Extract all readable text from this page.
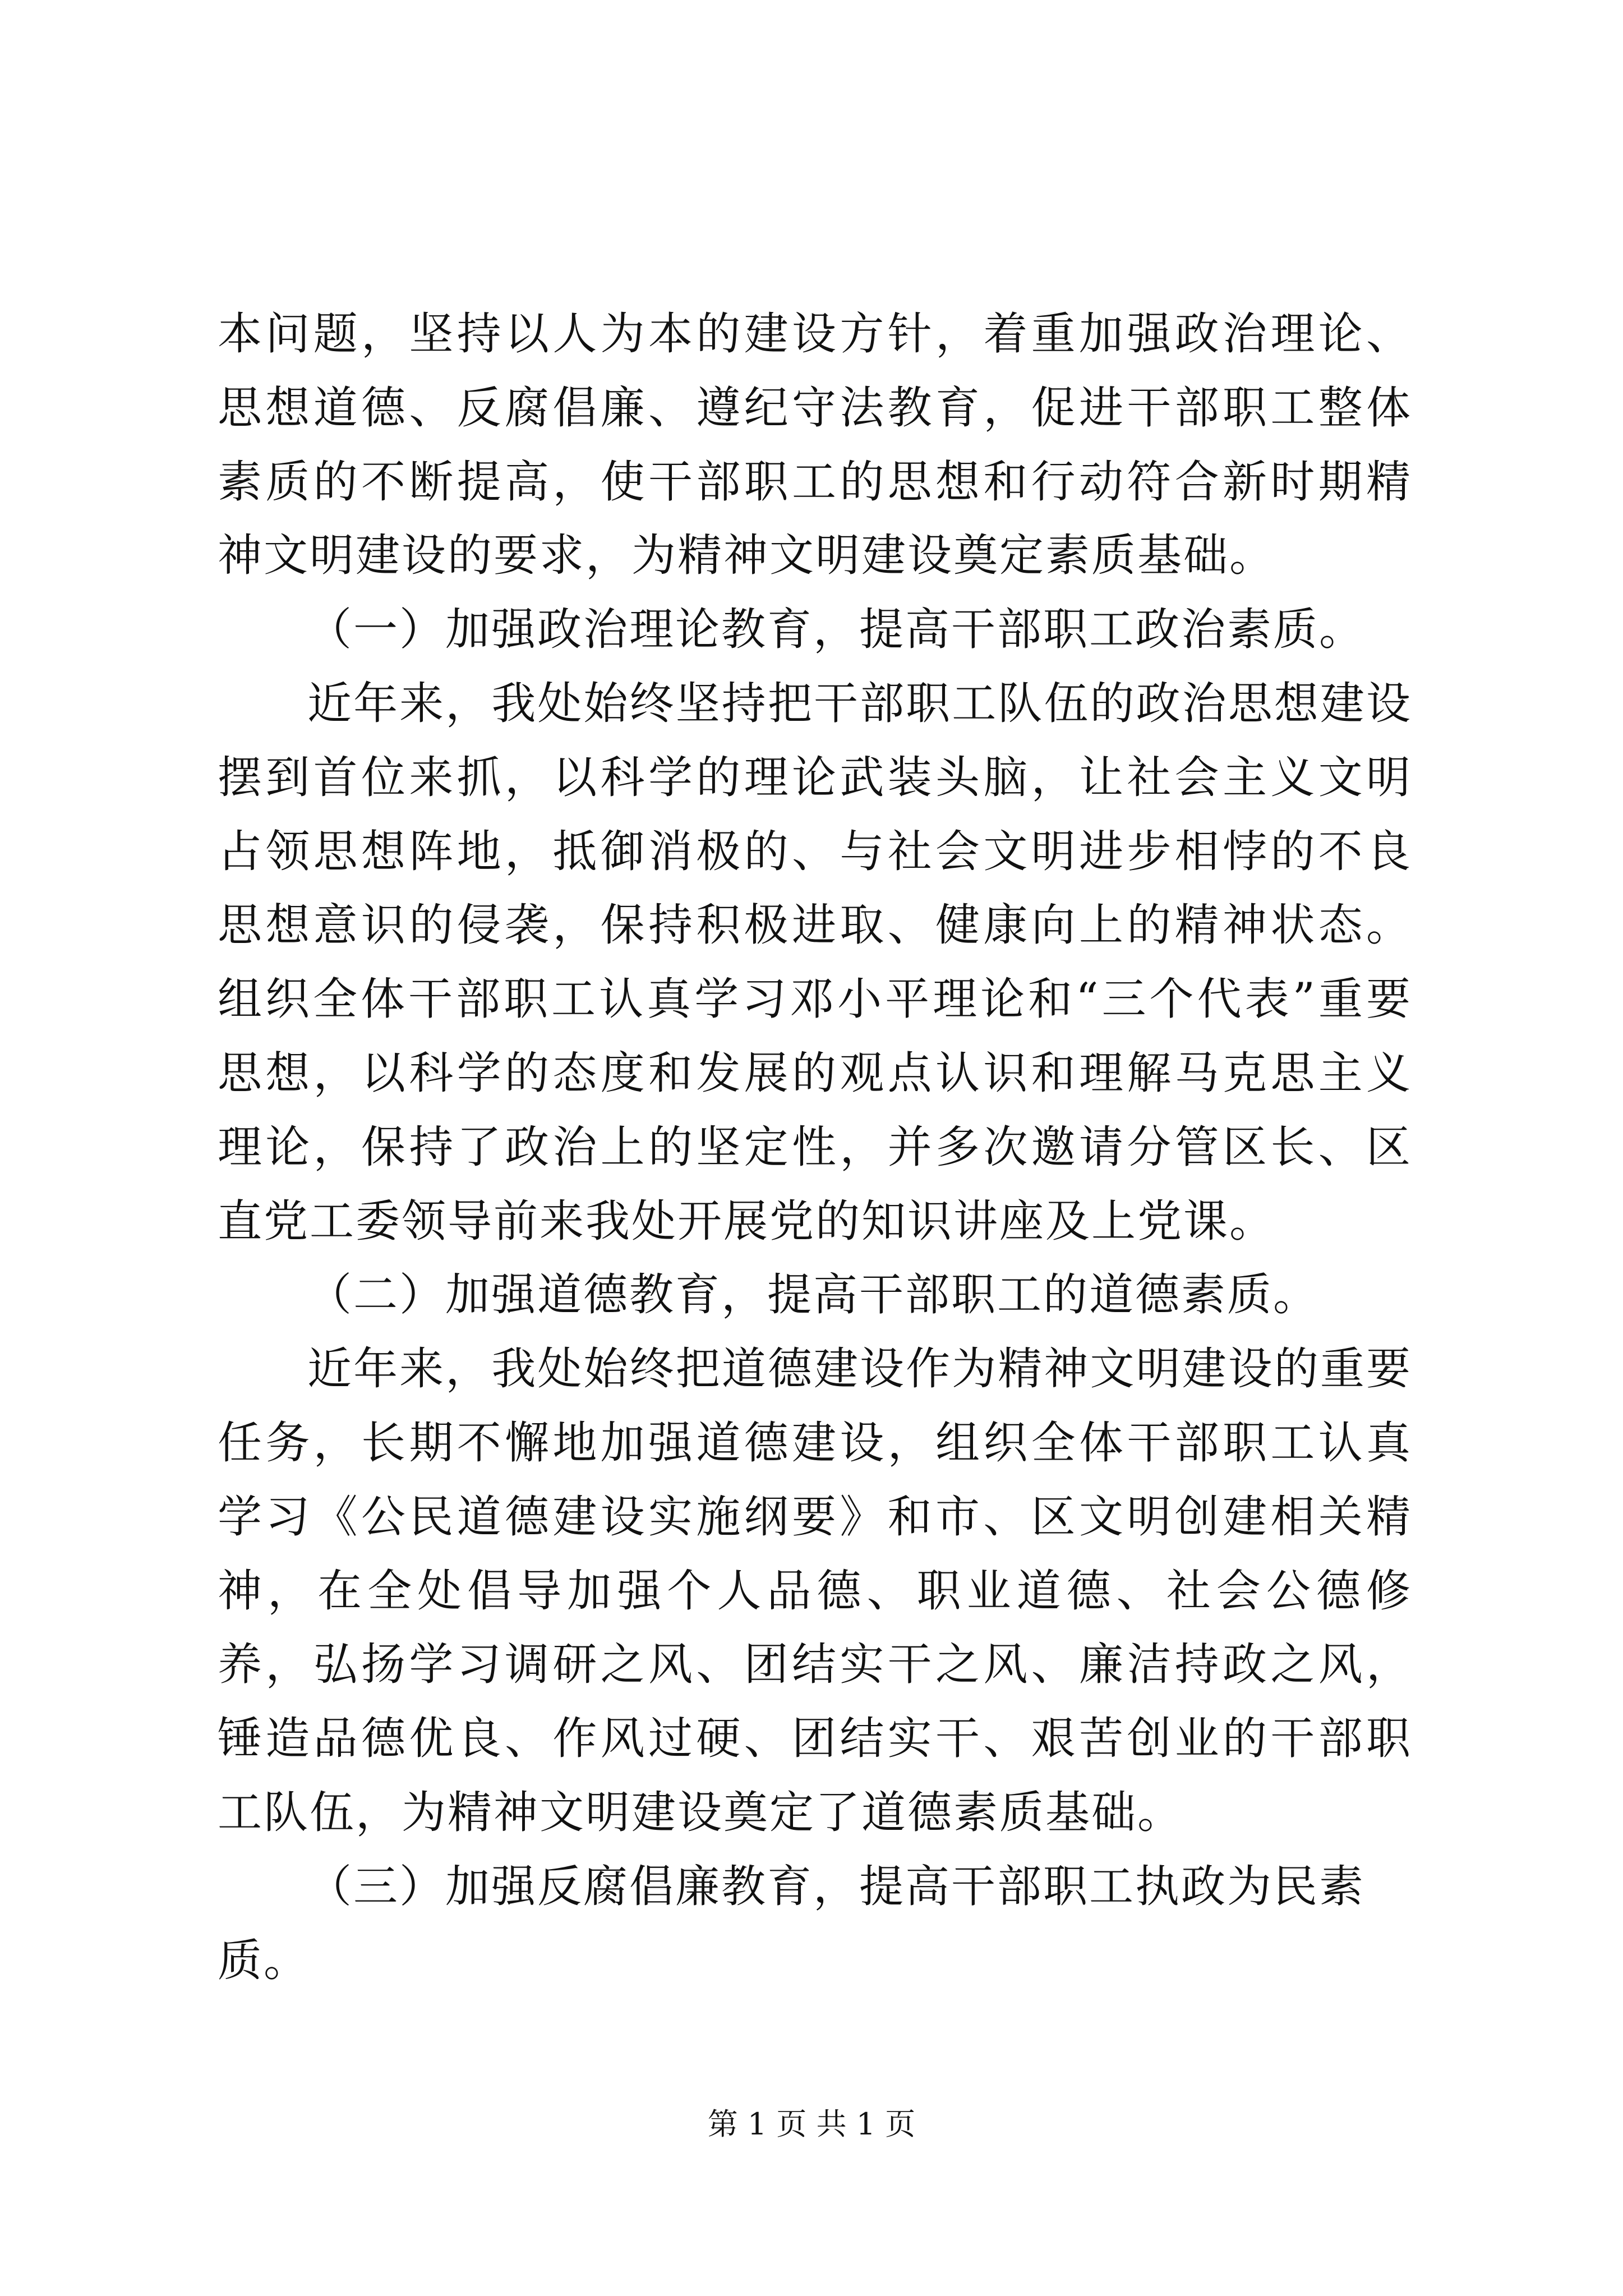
本问题，坚持以人为本的建设方针，着重加强政治理论、思想道德、反腐倡廉、遵纪守法教育，促进干部职工整体素质的不断提高，使干部职工的思想和行动符合新时期精神文明建设的要求，为精神文明建设奠定素质基础。

（一）加强政治理论教育，提高干部职工政治素质。

近年来，我处始终坚持把干部职工队伍的政治思想建设摆到首位来抓，以科学的理论武装头脑，让社会主义文明占领思想阵地，抵御消极的、与社会文明进步相悖的不良思想意识的侵袭，保持积极进取、健康向上的精神状态。组织全体干部职工认真学习邓小平理论和“三个代表”重要思想，以科学的态度和发展的观点认识和理解马克思主义理论，保持了政治上的坚定性，并多次邀请分管区长、区直党工委领导前来我处开展党的知识讲座及上党课。

（二）加强道德教育，提高干部职工的道德素质。

近年来，我处始终把道德建设作为精神文明建设的重要任务，长期不懈地加强道德建设，组织全体干部职工认真学习《公民道德建设实施纲要》和市、区文明创建相关精神，在全处倡导加强个人品德、职业道德、社会公德修养，弘扬学习调研之风、团结实干之风、廉洁持政之风，锤造品德优良、作风过硬、团结实干、艰苦创业的干部职工队伍，为精神文明建设奠定了道德素质基础。

（三）加强反腐倡廉教育，提高干部职工执政为民素质。

第 1 页 共 1 页
